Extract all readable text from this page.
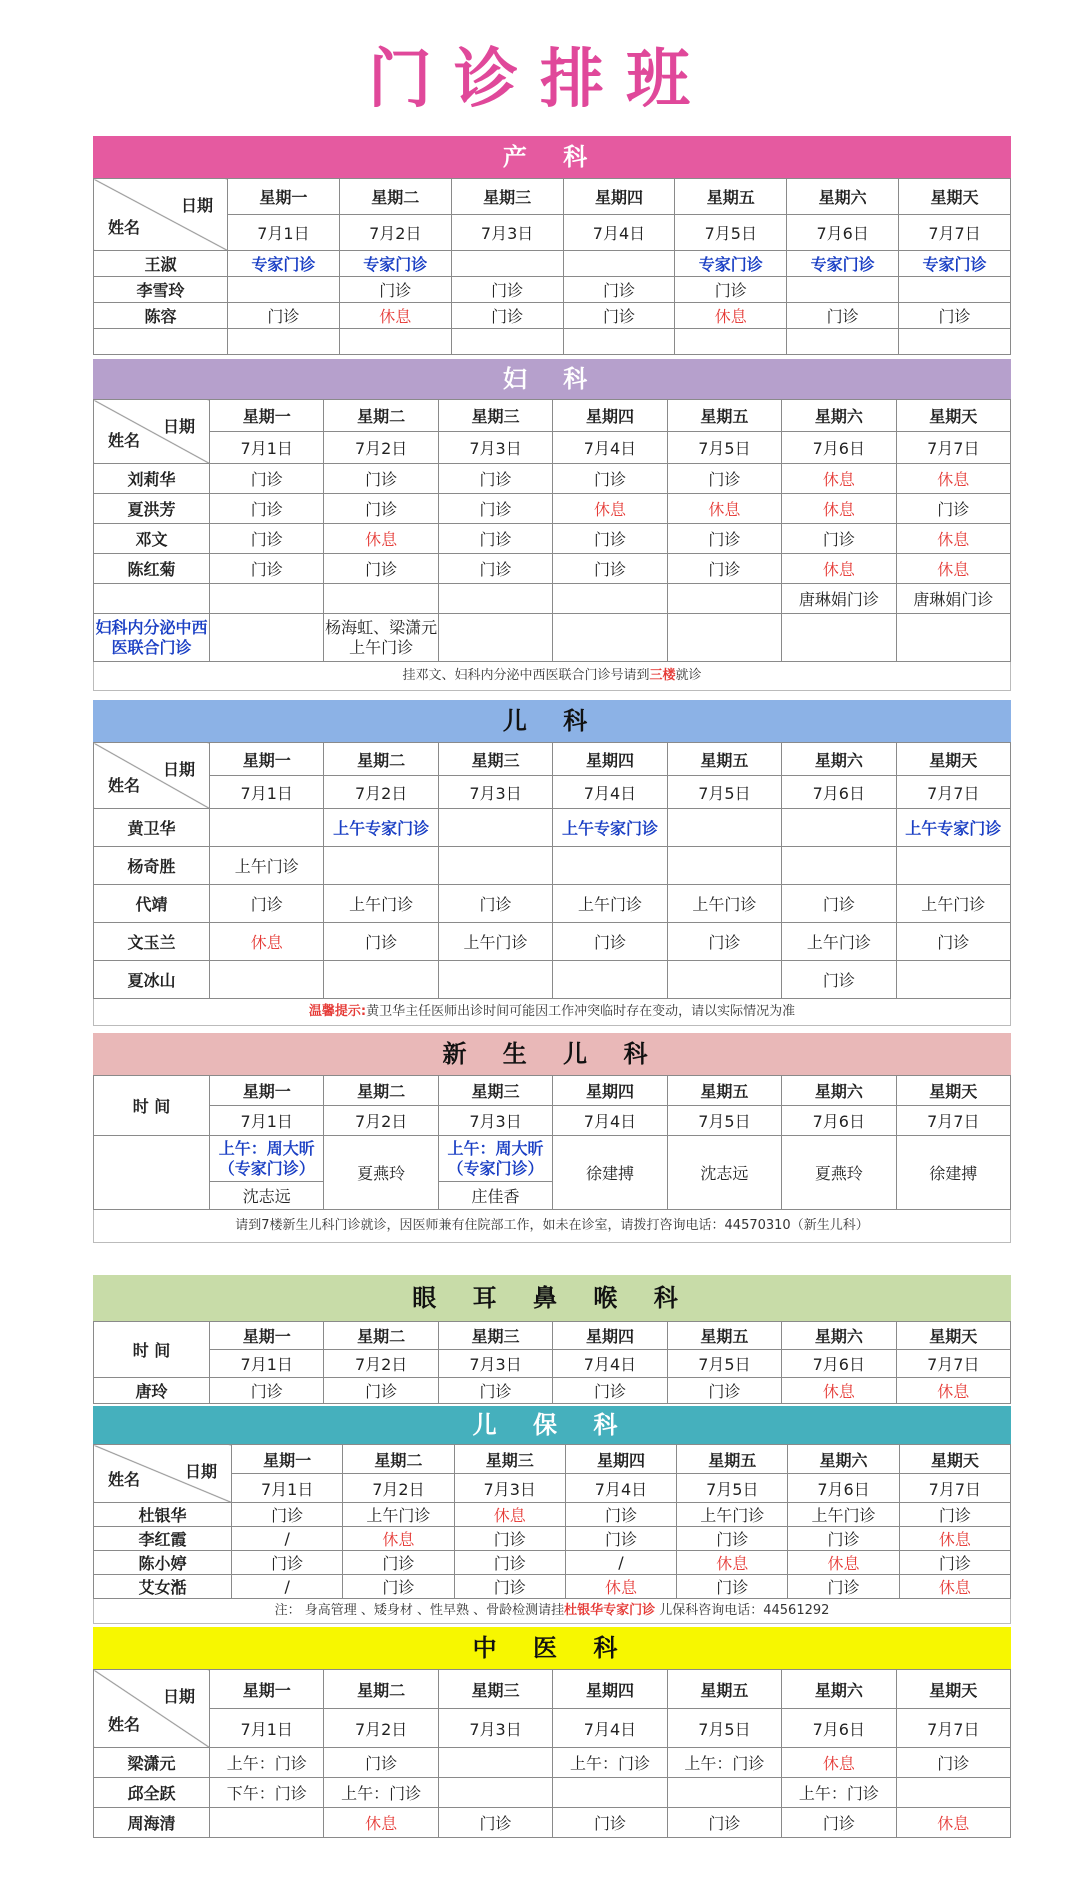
门诊排班
产 科
日期
姓名	星期一	星期二	星期三	星期四	星期五	星期六	星期天
	7月1日	7月2日	7月3日	7月4日	7月5日	7月6日	7月7日
王淑	专家门诊	专家门诊			专家门诊	专家门诊	专家门诊
李雪玲		门诊	门诊	门诊	门诊		
陈容	门诊	休息	门诊	门诊	休息	门诊	门诊

妇 科
日期
姓名	星期一	星期二	星期三	星期四	星期五	星期六	星期天
	7月1日	7月2日	7月3日	7月4日	7月5日	7月6日	7月7日
刘莉华	门诊	门诊	门诊	门诊	门诊	休息	休息
夏洪芳	门诊	门诊	门诊	休息	休息	休息	门诊
邓文	门诊	休息	门诊	门诊	门诊	门诊	休息
陈红菊	门诊	门诊	门诊	门诊	门诊	休息	休息
						唐琳娟门诊	唐琳娟门诊
妇科内分泌中西医联合门诊		杨海虹、梁潇元上午门诊					
挂邓文、妇科内分泌中西医联合门诊号请到三楼就诊
儿 科
日期
姓名	星期一	星期二	星期三	星期四	星期五	星期六	星期天
	7月1日	7月2日	7月3日	7月4日	7月5日	7月6日	7月7日
黄卫华		上午专家门诊		上午专家门诊			上午专家门诊
杨奇胜	上午门诊						
代靖	门诊	上午门诊	门诊	上午门诊	上午门诊	门诊	上午门诊
文玉兰	休息	门诊	上午门诊	门诊	门诊	上午门诊	门诊
夏冰山						门诊	
温馨提示:黄卫华主任医师出诊时间可能因工作冲突临时存在变动，请以实际情况为准
新 生 儿 科
时 间	星期一	星期二	星期三	星期四	星期五	星期六	星期天
	7月1日	7月2日	7月3日	7月4日	7月5日	7月6日	7月7日
	上午：周大昕（专家门诊）	夏燕玲	上午：周大昕（专家门诊）	徐建搏	沈志远	夏燕玲	徐建搏
	沈志远		庄佳香				
请到7楼新生儿科门诊就诊，因医师兼有住院部工作，如未在诊室，请拨打咨询电话：44570310（新生儿科）
眼 耳 鼻 喉 科
时 间	星期一	星期二	星期三	星期四	星期五	星期六	星期天
	7月1日	7月2日	7月3日	7月4日	7月5日	7月6日	7月7日
唐玲	门诊	门诊	门诊	门诊	门诊	休息	休息
儿 保 科
日期
姓名	星期一	星期二	星期三	星期四	星期五	星期六	星期天
	7月1日	7月2日	7月3日	7月4日	7月5日	7月6日	7月7日
杜银华	门诊	上午门诊	休息	门诊	上午门诊	上午门诊	门诊
李红霞	/	休息	门诊	门诊	门诊	门诊	休息
陈小婷	门诊	门诊	门诊	/	休息	休息	门诊
艾女湉	/	门诊	门诊	休息	门诊	门诊	休息
注： 身高管理 、矮身材 、性早熟 、骨龄检测请挂杜银华专家门诊 儿保科咨询电话：44561292
中 医 科
日期
姓名	星期一	星期二	星期三	星期四	星期五	星期六	星期天
	7月1日	7月2日	7月3日	7月4日	7月5日	7月6日	7月7日
梁潇元	上午：门诊	门诊		上午：门诊	上午：门诊	休息	门诊
邱全跃	下午：门诊	上午：门诊				上午：门诊	
周海清		休息	门诊	门诊	门诊	门诊	休息
